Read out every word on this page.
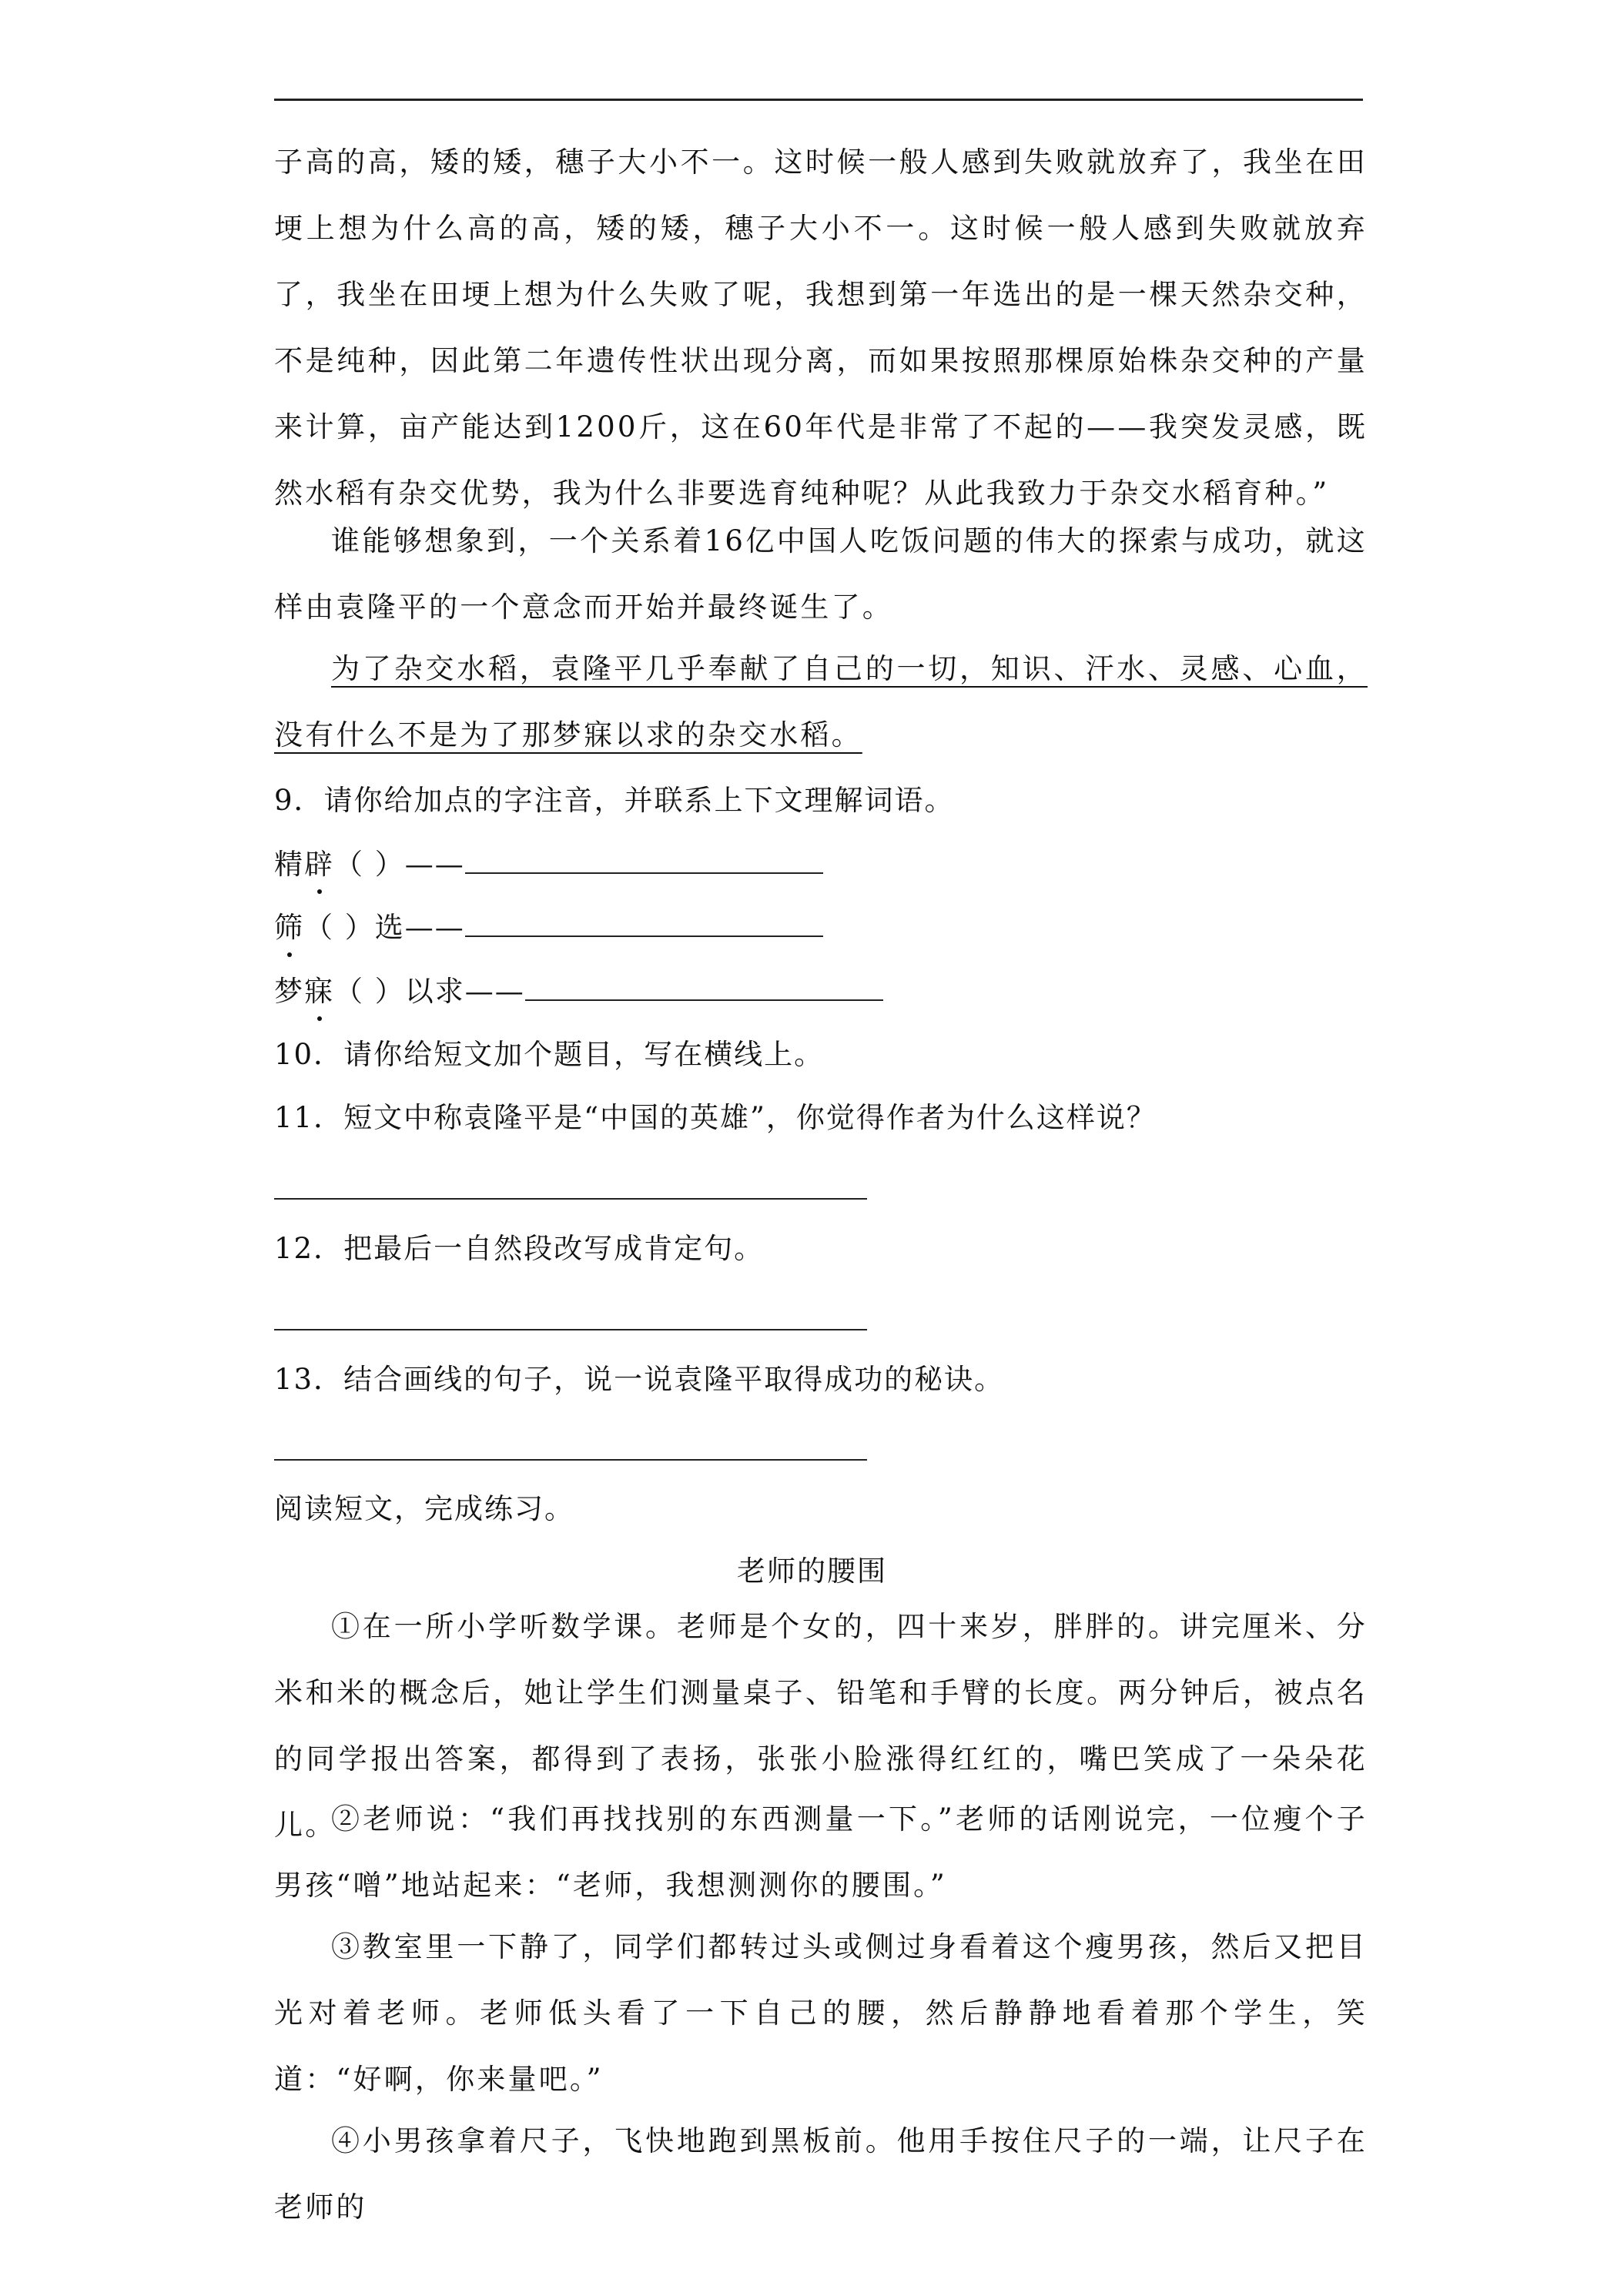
子高的高，矮的矮，穗子大小不一。这时候一般人感到失败就放弃了，我坐在田埂上想为什么高的高，矮的矮，穗子大小不一。这时候一般人感到失败就放弃了，我坐在田埂上想为什么失败了呢，我想到第一年选出的是一棵天然杂交种，不是纯种，因此第二年遗传性状出现分离，而如果按照那棵原始株杂交种的产量来计算，亩产能达到1200斤，这在60年代是非常了不起的——我突发灵感，既然水稻有杂交优势，我为什么非要选育纯种呢？从此我致力于杂交水稻育种。”

谁能够想象到，一个关系着16亿中国人吃饭问题的伟大的探索与成功，就这样由袁隆平的一个意念而开始并最终诞生了。

为了杂交水稻，袁隆平几乎奉献了自己的一切，知识、汗水、灵感、心血，没有什么不是为了那梦寐以求的杂交水稻。

9．请你给加点的字注音，并联系上下文理解词语。
精辟（ ）——
筛（ ）选——
梦寐（ ）以求——
10．请你给短文加个题目，写在横线上。
11．短文中称袁隆平是“中国的英雄”，你觉得作者为什么这样说？
12．把最后一自然段改写成肯定句。
13．结合画线的句子，说一说袁隆平取得成功的秘诀。
阅读短文，完成练习。
老师的腰围

①在一所小学听数学课。老师是个女的，四十来岁，胖胖的。讲完厘米、分米和米的概念后，她让学生们测量桌子、铅笔和手臂的长度。两分钟后，被点名的同学报出答案，都得到了表扬，张张小脸涨得红红的，嘴巴笑成了一朵朵花儿。

②老师说：“我们再找找别的东西测量一下。”老师的话刚说完，一位瘦个子男孩“噌”地站起来：“老师，我想测测你的腰围。”

③教室里一下静了，同学们都转过头或侧过身看着这个瘦男孩，然后又把目光对着老师。老师低头看了一下自己的腰，然后静静地看着那个学生，笑道：“好啊，你来量吧。”

④小男孩拿着尺子，飞快地跑到黑板前。他用手按住尺子的一端，让尺子在老师的
